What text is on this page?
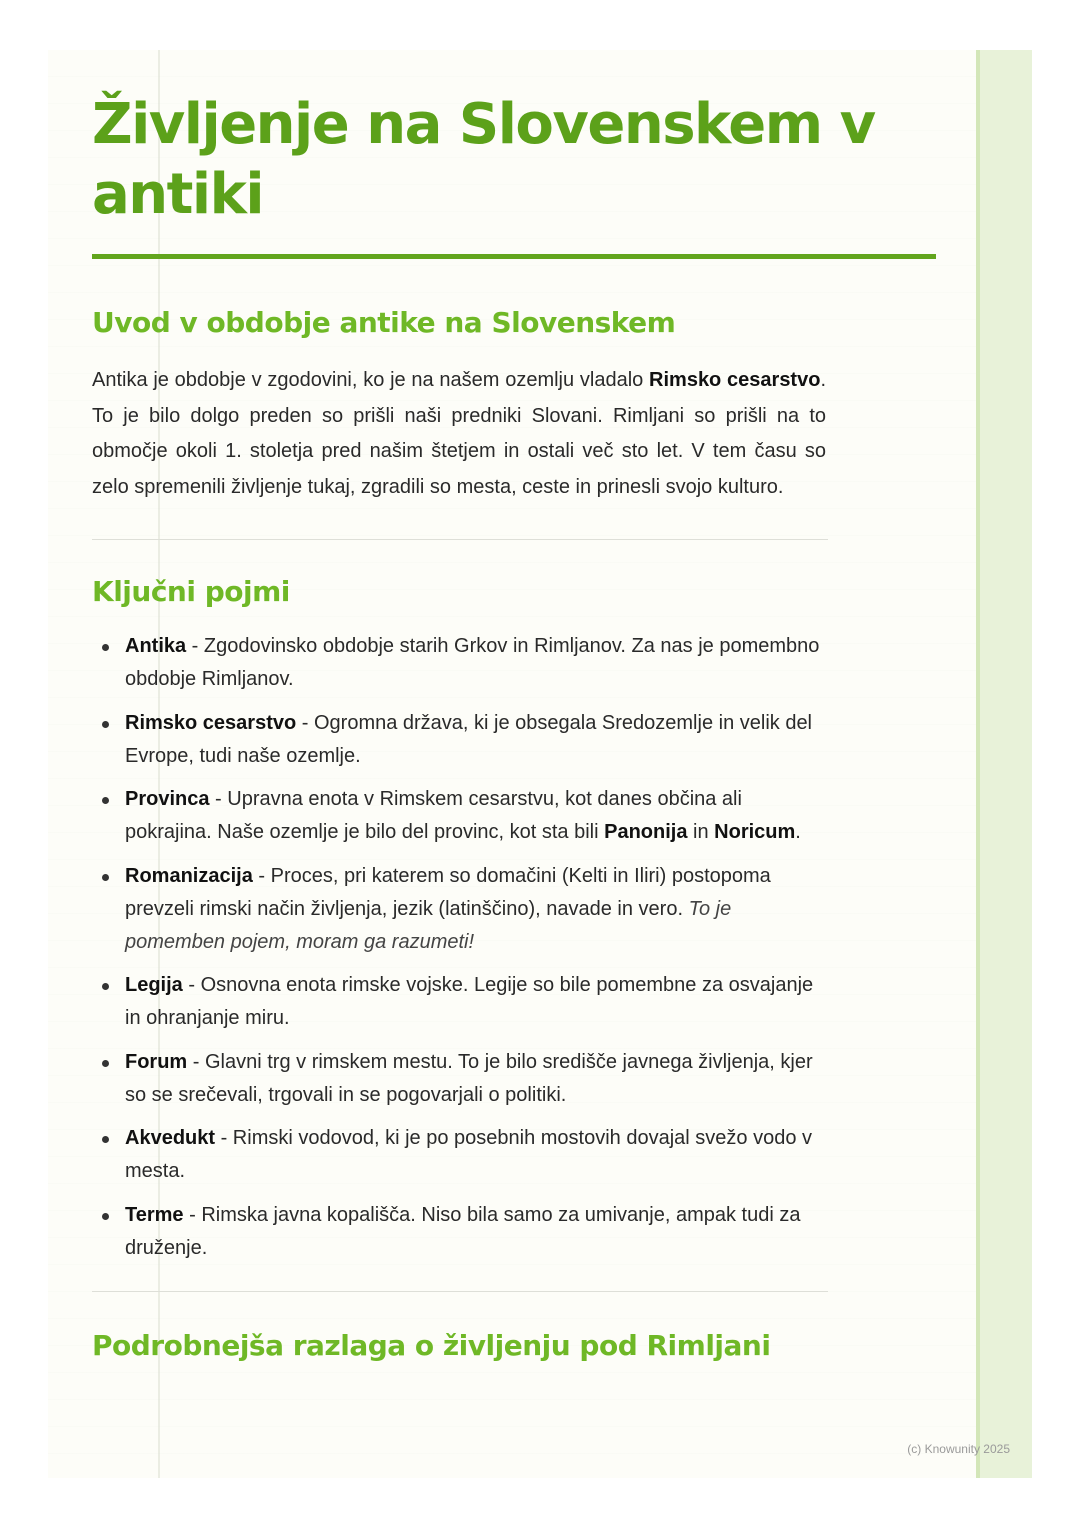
Življenje na Slovenskem v antiki
Uvod v obdobje antike na Slovenskem

Antika je obdobje v zgodovini, ko je na našem ozemlju vladalo Rimsko cesarstvo. To je bilo dolgo preden so prišli naši predniki Slovani. Rimljani so prišli na to območje okoli 1. stoletja pred našim štetjem in ostali več sto let. V tem času so zelo spremenili življenje tukaj, zgradili so mesta, ceste in prinesli svojo kulturo.

Ključni pojmi
Antika - Zgodovinsko obdobje starih Grkov in Rimljanov. Za nas je pomembno obdobje Rimljanov.
Rimsko cesarstvo - Ogromna država, ki je obsegala Sredozemlje in velik del Evrope, tudi naše ozemlje.
Provinca - Upravna enota v Rimskem cesarstvu, kot danes občina ali pokrajina. Naše ozemlje je bilo del provinc, kot sta bili Panonija in Noricum.
Romanizacija - Proces, pri katerem so domačini (Kelti in Iliri) postopoma prevzeli rimski način življenja, jezik (latinščino), navade in vero. To je pomemben pojem, moram ga razumeti!
Legija - Osnovna enota rimske vojske. Legije so bile pomembne za osvajanje in ohranjanje miru.
Forum - Glavni trg v rimskem mestu. To je bilo središče javnega življenja, kjer so se srečevali, trgovali in se pogovarjali o politiki.
Akvedukt - Rimski vodovod, ki je po posebnih mostovih dovajal svežo vodo v mesta.
Terme - Rimska javna kopališča. Niso bila samo za umivanje, ampak tudi za druženje.
Podrobnejša razlaga o življenju pod Rimljani
(c) Knowunity 2025
